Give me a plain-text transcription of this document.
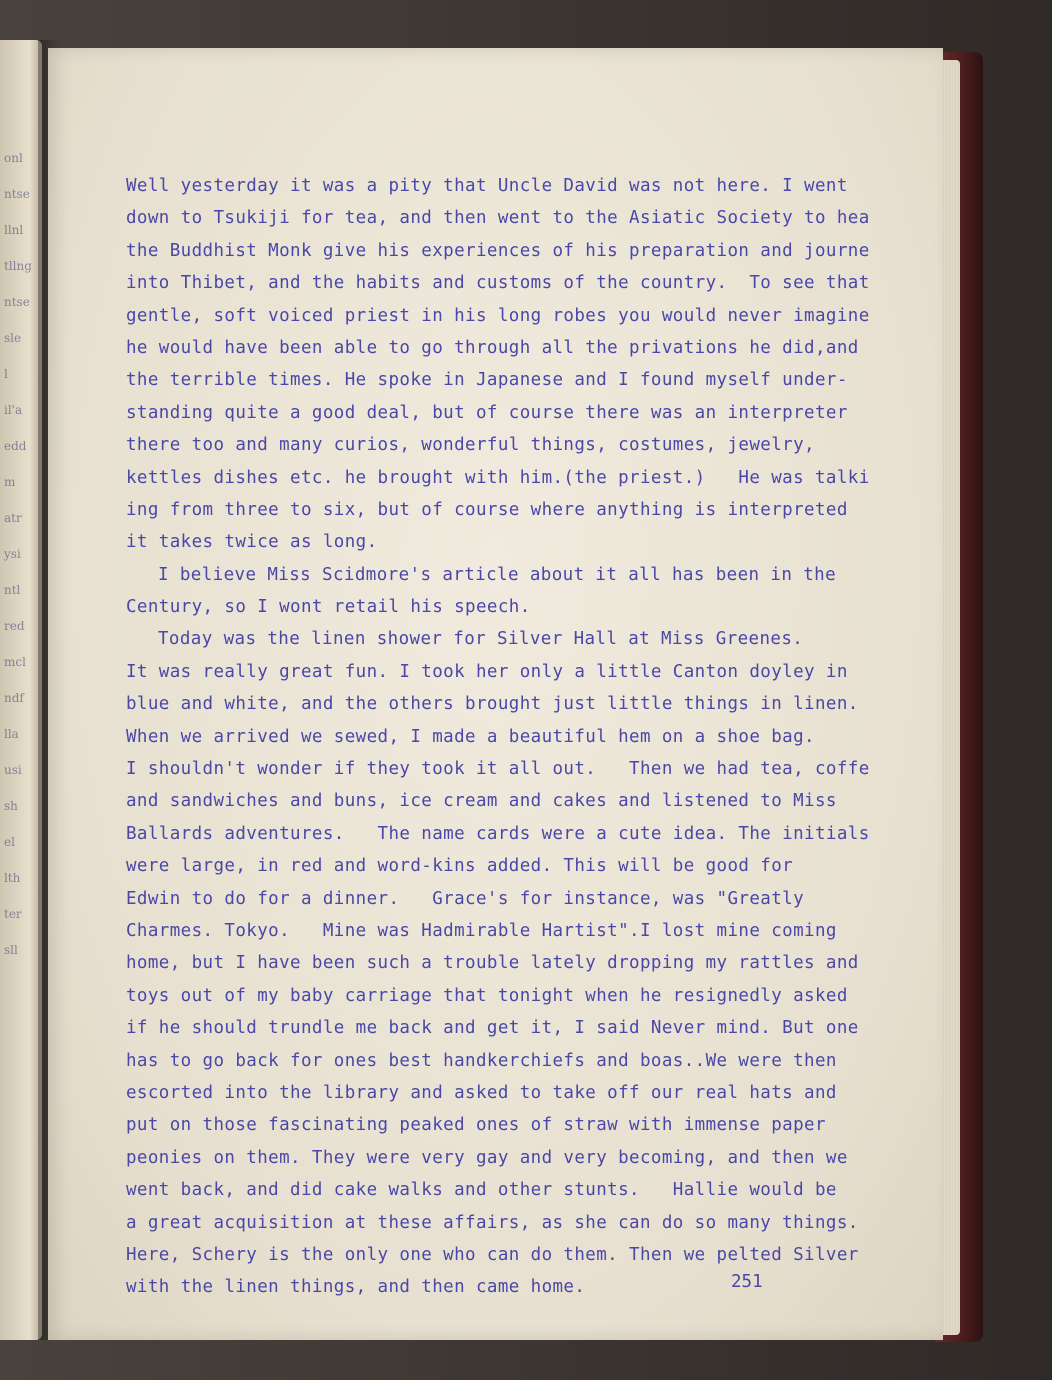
onl
ntse
llnl
tllng
ntse
sle
l
il'a
edd
m
atr
ysi
ntl
red
mcl
ndf
lla
usi
sh
el
lth
ter
sll
Well yesterday it was a pity that Uncle David was not here. I went
down to Tsukiji for tea, and then went to the Asiatic Society to hea
the Buddhist Monk give his experiences of his preparation and journe
into Thibet, and the habits and customs of the country.  To see that
gentle, soft voiced priest in his long robes you would never imagine
he would have been able to go through all the privations he did,and
the terrible times. He spoke in Japanese and I found myself under-
standing quite a good deal, but of course there was an interpreter
there too and many curios, wonderful things, costumes, jewelry,
kettles dishes etc. he brought with him.(the priest.)   He was talki
ing from three to six, but of course where anything is interpreted
it takes twice as long.
I believe Miss Scidmore's article about it all has been in the
Century, so I wont retail his speech.
Today was the linen shower for Silver Hall at Miss Greenes.
It was really great fun. I took her only a little Canton doyley in
blue and white, and the others brought just little things in linen.
When we arrived we sewed, I made a beautiful hem on a shoe bag.
I shouldn't wonder if they took it all out.   Then we had tea, coffe
and sandwiches and buns, ice cream and cakes and listened to Miss
Ballards adventures.   The name cards were a cute idea. The initials
were large, in red and word-kins added. This will be good for
Edwin to do for a dinner.   Grace's for instance, was "Greatly
Charmes. Tokyo.   Mine was Hadmirable Hartist".I lost mine coming
home, but I have been such a trouble lately dropping my rattles and
toys out of my baby carriage that tonight when he resignedly asked
if he should trundle me back and get it, I said Never mind. But one
has to go back for ones best handkerchiefs and boas..We were then
escorted into the library and asked to take off our real hats and
put on those fascinating peaked ones of straw with immense paper
peonies on them. They were very gay and very becoming, and then we
went back, and did cake walks and other stunts.   Hallie would be
a great acquisition at these affairs, as she can do so many things.
Here, Schery is the only one who can do them. Then we pelted Silver
with the linen things, and then came home.	251
